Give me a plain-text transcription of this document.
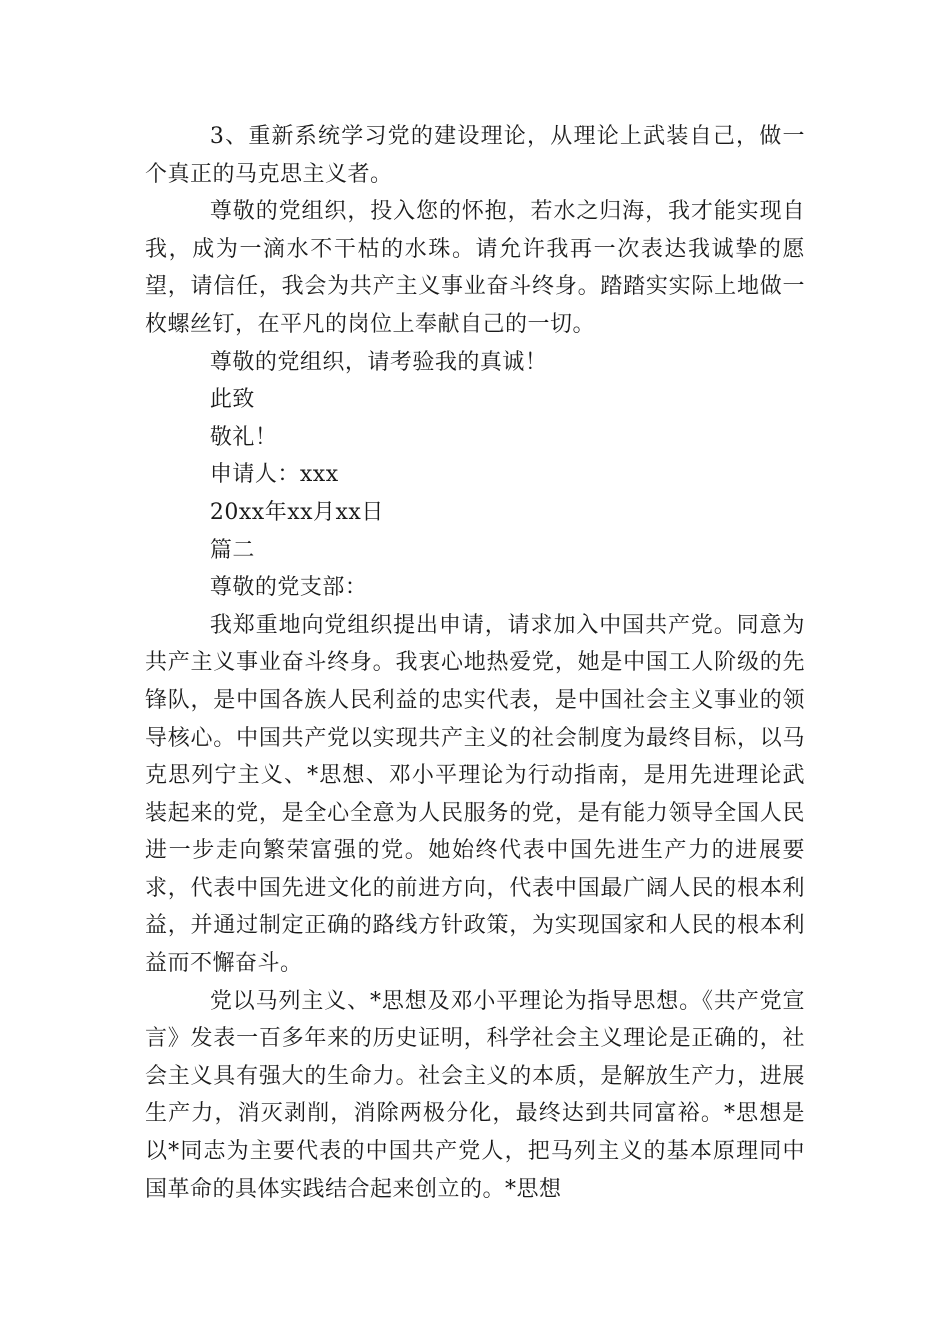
3、重新系统学习党的建设理论，从理论上武装自己，做一个真正的马克思主义者。

尊敬的党组织，投入您的怀抱，若水之归海，我才能实现自我，成为一滴水不干枯的水珠。请允许我再一次表达我诚挚的愿望，请信任，我会为共产主义事业奋斗终身。踏踏实实际上地做一枚螺丝钉，在平凡的岗位上奉献自己的一切。

尊敬的党组织，请考验我的真诚！

此致

敬礼！

申请人：xxx

20xx年xx月xx日

篇二

尊敬的党支部：

我郑重地向党组织提出申请，请求加入中国共产党。同意为共产主义事业奋斗终身。我衷心地热爱党，她是中国工人阶级的先锋队，是中国各族人民利益的忠实代表，是中国社会主义事业的领导核心。中国共产党以实现共产主义的社会制度为最终目标，以马克思列宁主义、*思想、邓小平理论为行动指南，是用先进理论武装起来的党，是全心全意为人民服务的党，是有能力领导全国人民进一步走向繁荣富强的党。她始终代表中国先进生产力的进展要求，代表中国先进文化的前进方向，代表中国最广阔人民的根本利益，并通过制定正确的路线方针政策，为实现国家和人民的根本利益而不懈奋斗。

党以马列主义、*思想及邓小平理论为指导思想。《共产党宣言》发表一百多年来的历史证明，科学社会主义理论是正确的，社会主义具有强大的生命力。社会主义的本质，是解放生产力，进展生产力，消灭剥削，消除两极分化，最终达到共同富裕。*思想是以*同志为主要代表的中国共产党人，把马列主义的基本原理同中国革命的具体实践结合起来创立的。*思想
